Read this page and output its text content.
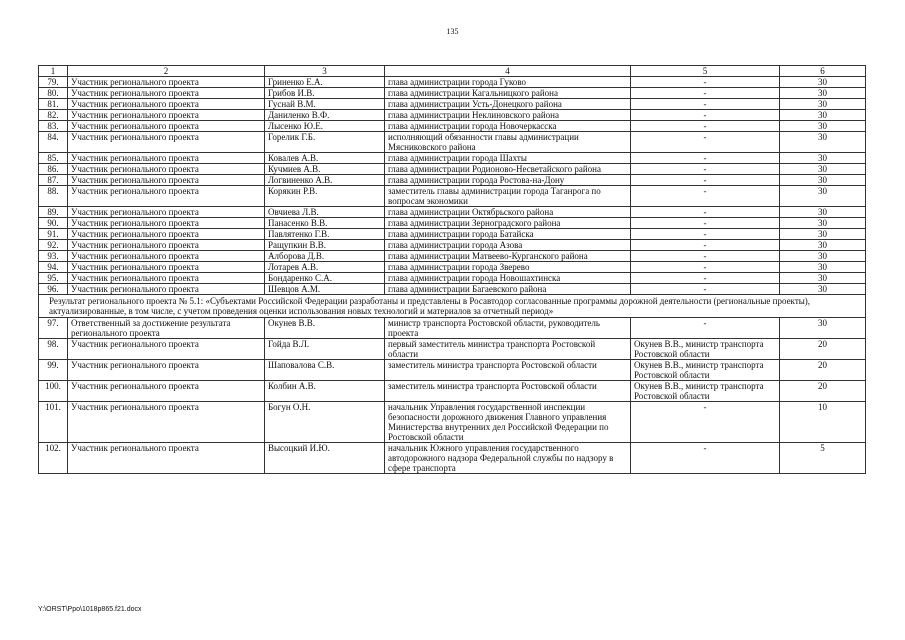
135
1	2	3	4	5	6
79.	Участник регионального проекта	Гриненко Е.А.	глава администрации города Гуково	-	30
80.	Участник регионального проекта	Грибов И.В.	глава администрации Кагальницкого района	-	30
81.	Участник регионального проекта	Гуснай В.М.	глава администрации Усть-Донецкого района	-	30
82.	Участник регионального проекта	Даниленко В.Ф.	глава администрации Неклиновского района	-	30
83.	Участник регионального проекта	Лысенко Ю.Е.	глава администрации города Новочеркасска	-	30
84.	Участник регионального проекта	Горелик Г.Б.	исполняющий обязанности главы администрации Мясниковского района	-	30
85.	Участник регионального проекта	Ковалев А.В.	глава администрации города Шахты	-	30
86.	Участник регионального проекта	Кучмиев А.В.	глава администрации Родионово-Несветайского района	-	30
87.	Участник регионального проекта	Логвиненко А.В.	глава администрации города Ростова-на-Дону	-	30
88.	Участник регионального проекта	Корякин Р.В.	заместитель главы администрации города Таганрога по вопросам экономики	-	30
89.	Участник регионального проекта	Овчиева Л.В.	глава администрации Октябрьского района	-	30
90.	Участник регионального проекта	Панасенко В.В.	глава администрации Зерноградского района	-	30
91.	Участник регионального проекта	Павлятенко Г.В.	глава администрации города Батайска	-	30
92.	Участник регионального проекта	Ращупкин В.В.	глава администрации города Азова	-	30
93.	Участник регионального проекта	Алборова Д.В.	глава администрации Матвеево-Курганского района	-	30
94.	Участник регионального проекта	Лотарев А.В.	глава администрации города Зверево	-	30
95.	Участник регионального проекта	Бондаренко С.А.	глава администрации города Новошахтинска	-	30
96.	Участник регионального проекта	Шевцов А.М.	глава администрации Багаевского района	-	30
Результат регионального проекта № 5.1: «Субъектами Российской Федерации разработаны и представлены в Росавтодор согласованные программы дорожной деятельности (региональные проекты), актуализированные, в том числе, с учетом проведения оценки использования новых технологий и материалов за отчетный период»					
97.	Ответственный за достижение результата регионального проекта	Окунев В.В.	министр транспорта Ростовской области, руководитель проекта	-	30
98.	Участник регионального проекта	Гойда В.Л.	первый заместитель министра транспорта Ростовской области	Окунев В.В., министр транспорта Ростовской области	20
99.	Участник регионального проекта	Шаповалова С.В.	заместитель министра транспорта Ростовской области	Окунев В.В., министр транспорта Ростовской области	20
100.	Участник регионального проекта	Колбин А.В.	заместитель министра транспорта Ростовской области	Окунев В.В., министр транспорта Ростовской области	20
101.	Участник регионального проекта	Богун О.Н.	начальник Управления государственной инспекции безопасности дорожного движения Главного управления Министерства внутренних дел Российской Федерации по Ростовской области	-	10
102.	Участник регионального проекта	Высоцкий И.Ю.	начальник Южного управления государственного автодорожного надзора Федеральной службы по надзору в сфере транспорта	-	5
Y:\ORST\Ppo\1018p865.f21.docx
